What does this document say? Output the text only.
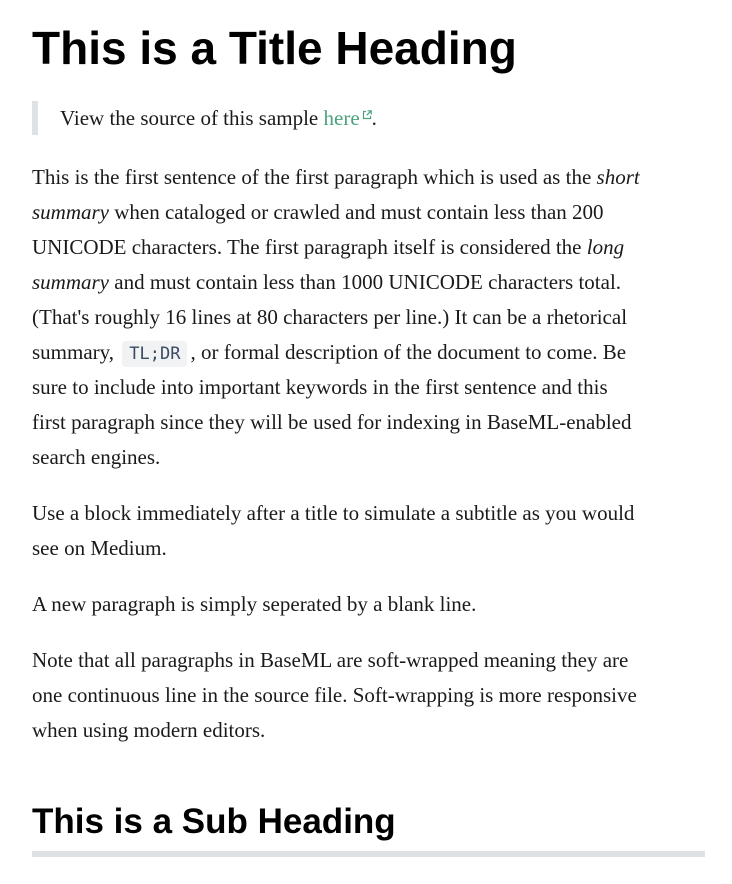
This is a Title Heading
View the source of this sample here .

This is the first sentence of the first paragraph which is used as the short
summary when cataloged or crawled and must contain less than 200
UNICODE characters. The first paragraph itself is considered the long
summary and must contain less than 1000 UNICODE characters total.
(That's roughly 16 lines at 80 characters per line.) It can be a rhetorical
summary, TL;DR , or formal description of the document to come. Be
sure to include into important keywords in the first sentence and this
first paragraph since they will be used for indexing in BaseML-enabled
search engines.

Use a block immediately after a title to simulate a subtitle as you would
see on Medium.

A new paragraph is simply seperated by a blank line.

Note that all paragraphs in BaseML are soft-wrapped meaning they are
one continuous line in the source file. Soft-wrapping is more responsive
when using modern editors.

This is a Sub Heading
